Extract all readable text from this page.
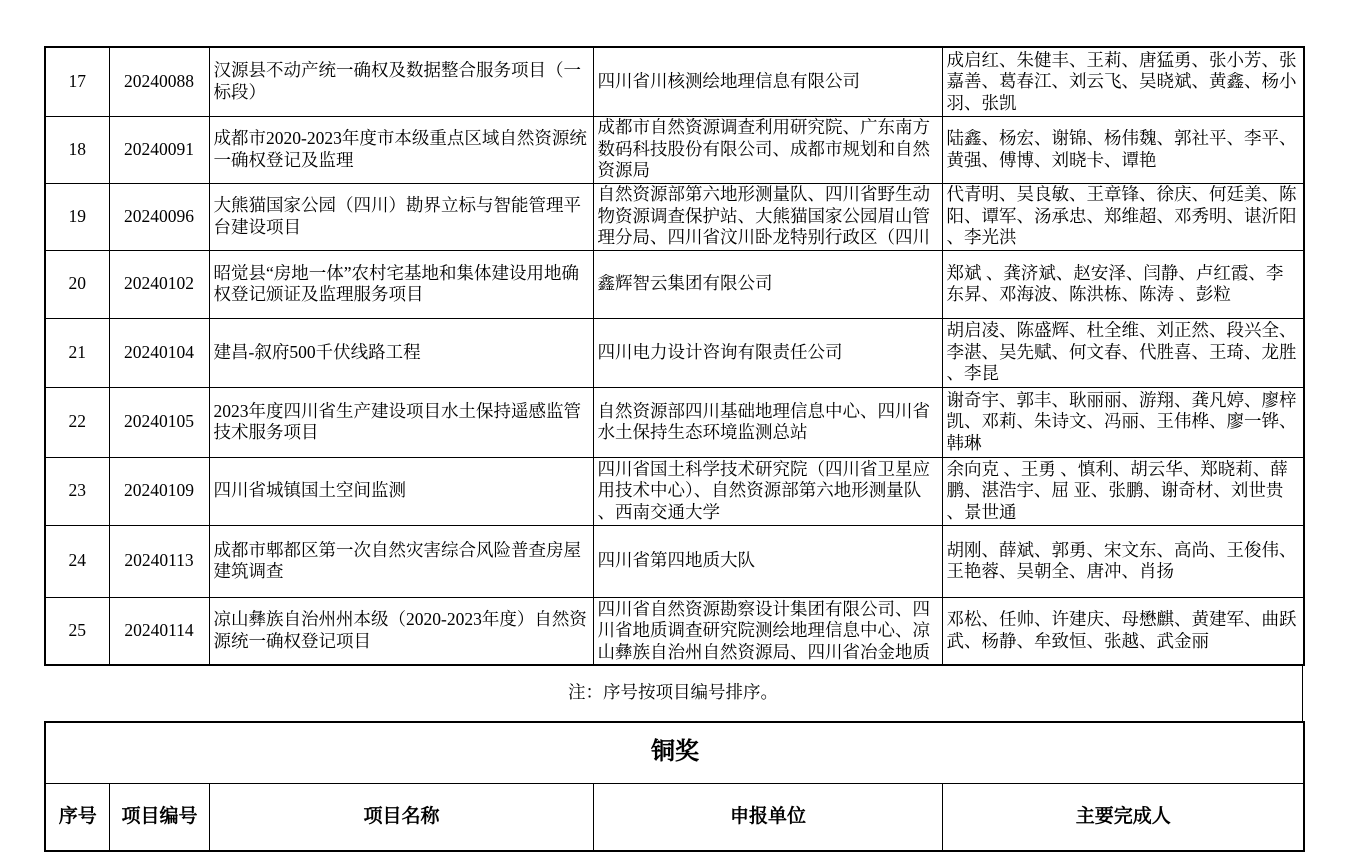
17	20240088	汉源县不动产统一确权及数据整合服务项目（一标段）	四川省川核测绘地理信息有限公司	成启红、朱健丰、王莉、唐猛勇、张小芳、张嘉善、葛春江、刘云飞、吴晓斌、黄鑫、杨小羽、张凯

18	20240091	成都市2020-2023年度市本级重点区域自然资源统一确权登记及监理	成都市自然资源调查利用研究院、广东南方数码科技股份有限公司、成都市规划和自然资源局	陆鑫、杨宏、谢锦、杨伟魏、郭社平、李平、黄强、傅博、刘晓卡、谭艳

19	20240096	大熊猫国家公园（四川）勘界立标与智能管理平台建设项目	自然资源部第六地形测量队、四川省野生动物资源调查保护站、大熊猫国家公园眉山管理分局、四川省汶川卧龙特别行政区（四川	代青明、吴良敏、王章锋、徐庆、何廷美、陈阳、谭军、汤承忠、郑维超、邓秀明、谌沂阳、李光洪

20	20240102	昭觉县“房地一体”农村宅基地和集体建设用地确权登记颁证及监理服务项目	鑫辉智云集团有限公司	郑斌 、龚济斌、赵安泽、闫静、卢红霞、李东昇、邓海波、陈洪栋、陈涛 、彭粒

21	20240104	建昌-叙府500千伏线路工程	四川电力设计咨询有限责任公司	胡启凌、陈盛辉、杜全维、刘正然、段兴全、李湛、吴先赋、何文春、代胜喜、王琦、龙胜、李昆

22	20240105	2023年度四川省生产建设项目水土保持遥感监管技术服务项目	自然资源部四川基础地理信息中心、四川省水土保持生态环境监测总站	谢奇宇、郭丰、耿丽丽、游翔、龚凡婷、廖梓凯、邓莉、朱诗文、冯丽、王伟桦、廖一铧、韩琳

23	20240109	四川省城镇国土空间监测	四川省国土科学技术研究院（四川省卫星应用技术中心）、自然资源部第六地形测量队、西南交通大学	余向克 、王勇 、慎利、胡云华、郑晓莉、薛鹏、湛浩宇、屈 亚、张鹏、谢奇材、刘世贵、景世通

24	20240113	成都市郫都区第一次自然灾害综合风险普查房屋建筑调查	四川省第四地质大队	胡刚、薛斌、郭勇、宋文东、高尚、王俊伟、王艳蓉、吴朝全、唐冲、肖扬

25	20240114	凉山彝族自治州州本级（2020-2023年度）自然资源统一确权登记项目	四川省自然资源勘察设计集团有限公司、四川省地质调查研究院测绘地理信息中心、凉山彝族自治州自然资源局、四川省冶金地质	邓松、任帅、许建庆、母懋麒、黄建军、曲跃武、杨静、牟致恒、张越、武金丽
注：序号按项目编号排序。
铜奖
序号	项目编号	项目名称	申报单位	主要完成人
